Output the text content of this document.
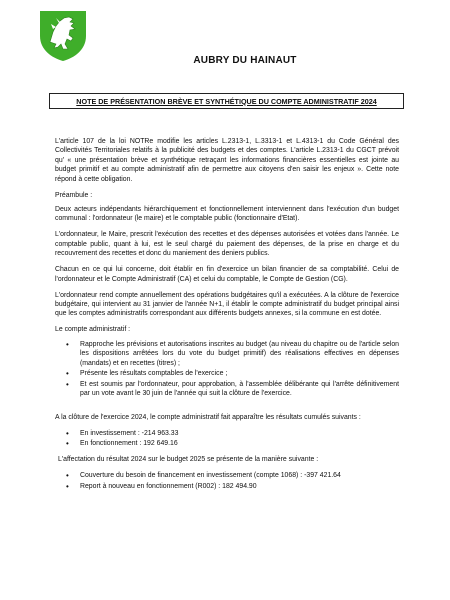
AUBRY DU HAINAUT
NOTE DE PRÉSENTATION BRÈVE ET SYNTHÉTIQUE DU COMPTE ADMINISTRATIF 2024

L'article 107 de la loi NOTRe modifie les articles L.2313-1, L.3313-1 et L.4313-1 du Code Général des Collectivités Territoriales relatifs à la publicité des budgets et des comptes. L'article L.2313-1 du CGCT prévoit qu' « une présentation brève et synthétique retraçant les informations financières essentielles est jointe au budget primitif et au compte administratif afin de permettre aux citoyens d'en saisir les enjeux ». Cette note répond à cette obligation.

Préambule :

Deux acteurs indépendants hiérarchiquement et fonctionnellement interviennent dans l'exécution d'un budget communal : l'ordonnateur (le maire) et le comptable public (fonctionnaire d'Etat).

L'ordonnateur, le Maire, prescrit l'exécution des recettes et des dépenses autorisées et votées dans l'année. Le comptable public, quant à lui, est le seul chargé du paiement des dépenses, de la prise en charge et du recouvrement des recettes et donc du maniement des deniers publics.

Chacun en ce qui lui concerne, doit établir en fin d'exercice un bilan financier de sa comptabilité. Celui de l'ordonnateur et le Compte Administratif (CA) et celui du comptable, le Compte de Gestion (CG).

L'ordonnateur rend compte annuellement des opérations budgétaires qu'il a exécutées. A la clôture de l'exercice budgétaire, qui intervient au 31 janvier de l'année N+1, il établir le compte administratif du budget principal ainsi que les comptes administratifs correspondant aux différents budgets annexes, si la commune en est dotée.

Le compte administratif :

• Rapproche les prévisions et autorisations inscrites au budget (au niveau du chapitre ou de l'article selon les dispositions arrêtées lors du vote du budget primitif) des réalisations effectives en dépenses (mandats) et en recettes (titres) ;
• Présente les résultats comptables de l'exercice ;
• Et est soumis par l'ordonnateur, pour approbation, à l'assemblée délibérante qui l'arrête définitivement par un vote avant le 30 juin de l'année qui suit la clôture de l'exercice.

A la clôture de l'exercice 2024, le compte administratif fait apparaître les résultats cumulés suivants :

• En investissement : -214 963.33
• En fonctionnement : 192 649.16

L'affectation du résultat 2024 sur le budget 2025 se présente de la manière suivante :

• Couverture du besoin de financement en investissement (compte 1068) : -397 421.64
• Report à nouveau en fonctionnement (R002) : 182 494.90
